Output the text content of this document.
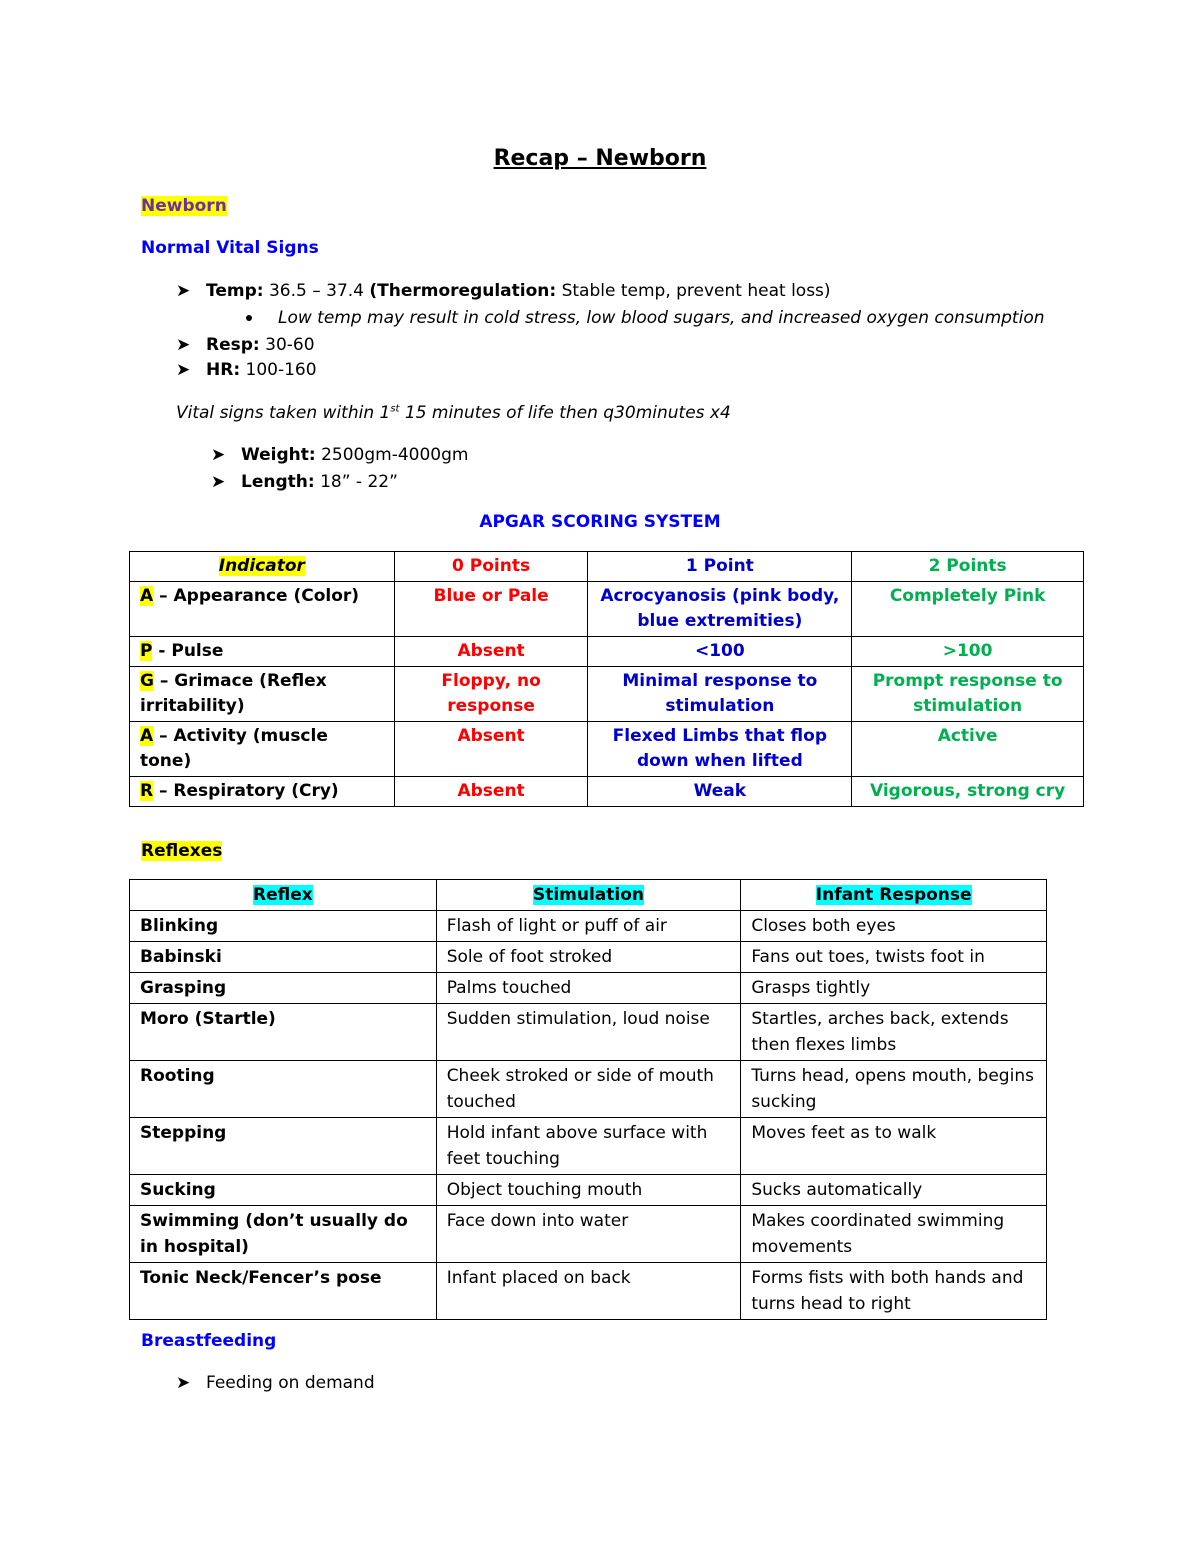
Recap – Newborn
Newborn
Normal Vital Signs
➤ Temp: 36.5 – 37.4 (Thermoregulation: Stable temp, prevent heat loss)
Low temp may result in cold stress, low blood sugars, and increased oxygen consumption
➤ Resp: 30-60
➤ HR: 100-160
Vital signs taken within 1st 15 minutes of life then q30minutes x4
➤ Weight: 2500gm-4000gm
➤ Length: 18” - 22”
APGAR SCORING SYSTEM
Indicator	0 Points	1 Point	2 Points
A – Appearance (Color)	Blue or Pale	Acrocyanosis (pink body, blue extremities)	Completely Pink
P - Pulse	Absent	<100	>100
G – Grimace (Reflex irritability)	Floppy, no response	Minimal response to stimulation	Prompt response to stimulation
A – Activity (muscle tone)	Absent	Flexed Limbs that flop down when lifted	Active
R – Respiratory (Cry)	Absent	Weak	Vigorous, strong cry
Reflexes
Reflex	Stimulation	Infant Response
Blinking	Flash of light or puff of air	Closes both eyes
Babinski	Sole of foot stroked	Fans out toes, twists foot in
Grasping	Palms touched	Grasps tightly
Moro (Startle)	Sudden stimulation, loud noise	Startles, arches back, extends then flexes limbs
Rooting	Cheek stroked or side of mouth touched	Turns head, opens mouth, begins sucking
Stepping	Hold infant above surface with feet touching	Moves feet as to walk
Sucking	Object touching mouth	Sucks automatically
Swimming (don’t usually do in hospital)	Face down into water	Makes coordinated swimming movements
Tonic Neck/Fencer’s pose	Infant placed on back	Forms fists with both hands and turns head to right
Breastfeeding
➤ Feeding on demand
